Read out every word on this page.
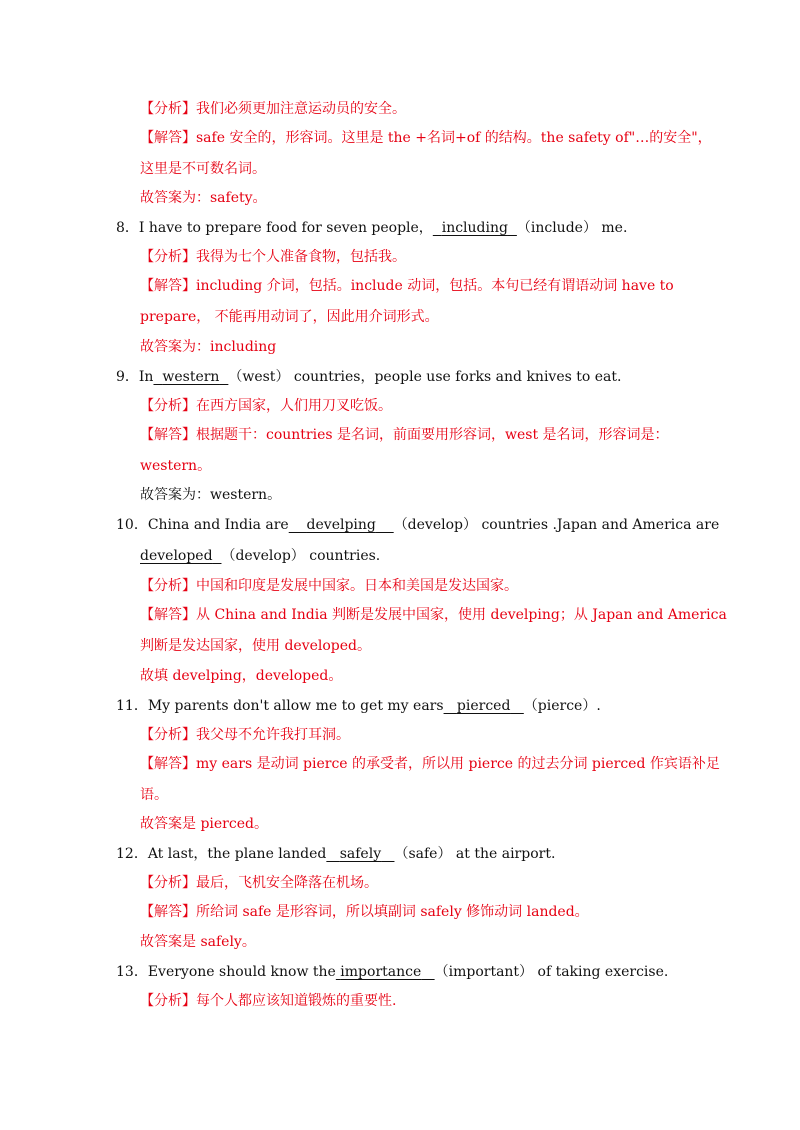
【分析】我们必须更加注意运动员的安全。
【解答】safe 安全的，形容词。这里是 the +名词+of 的结构。the safety of"…的安全"，
这里是不可数名词。
故答案为：safety。
8．I have to prepare food for seven people， including （include） me.
【分析】我得为七个人准备食物，包括我。
【解答】including 介词，包括。include 动词，包括。本句已经有谓语动词 have to
prepare， 不能再用动词了，因此用介词形式。
故答案为：including
9．In western （west） countries，people use forks and knives to eat.
【分析】在西方国家，人们用刀叉吃饭。
【解答】根据题干：countries 是名词，前面要用形容词，west 是名词，形容词是：
western。
故答案为：western。
10．China and India are develping （develop） countries .Japan and America are
developed （develop） countries.
【分析】中国和印度是发展中国家。日本和美国是发达国家。
【解答】从 China and India 判断是发展中国家，使用 develping；从 Japan and America
判断是发达国家，使用 developed。
故填 develping，developed。
11．My parents don't allow me to get my ears pierced （pierce）.
【分析】我父母不允许我打耳洞。
【解答】my ears 是动词 pierce 的承受者，所以用 pierce 的过去分词 pierced 作宾语补足
语。
故答案是 pierced。
12．At last，the plane landed safely （safe） at the airport.
【分析】最后，飞机安全降落在机场。
【解答】所给词 safe 是形容词，所以填副词 safely 修饰动词 landed。
故答案是 safely。
13．Everyone should know the importance （important） of taking exercise.
【分析】每个人都应该知道锻炼的重要性.
